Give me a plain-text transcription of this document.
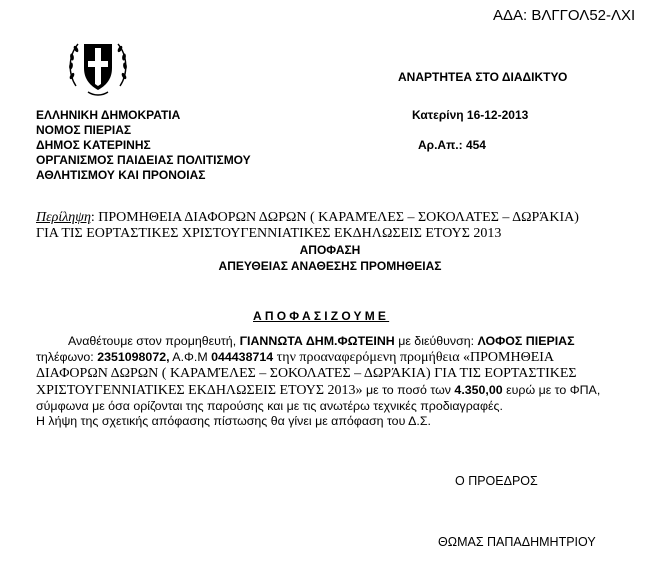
ΑΔΑ: ΒΛΓΓΟΛ52-ΛΧΙ
ΑΝΑΡΤΗΤΕΑ ΣΤΟ ΔΙΑΔΙΚΤΥΟ
ΕΛΛΗΝΙΚΗ ΔΗΜΟΚΡΑΤΙΑ
ΝΟΜΟΣ ΠΙΕΡΙΑΣ
ΔΗΜΟΣ ΚΑΤΕΡΙΝΗΣ
ΟΡΓΑΝΙΣΜΟΣ ΠΑΙΔΕΙΑΣ ΠΟΛΙΤΙΣΜΟΥ
ΑΘΛΗΤΙΣΜΟΥ ΚΑΙ ΠΡΟΝΟΙΑΣ
Κατερίνη 16-12-2013
Αρ.Απ.: 454
Περίληψη: ΠΡΟΜΗΘΕΙΑ ΔΙΑΦΟΡΩΝ ΔΩΡΩΝ ( ΚΑΡΑΜΈΛΕΣ – ΣΟΚΟΛΑΤΕΣ – ΔΩΡΆΚΙΑ)
ΓΙΑ ΤΙΣ ΕΟΡΤΑΣΤΙΚΕΣ ΧΡΙΣΤΟΥΓΕΝΝΙΑΤΙΚΕΣ ΕΚΔΗΛΩΣΕΙΣ ΕΤΟΥΣ 2013
ΑΠΟΦΑΣΗ
ΑΠΕΥΘΕΙΑΣ ΑΝΑΘΕΣΗΣ ΠΡΟΜΗΘΕΙΑΣ
ΑΠΟΦΑΣΙΖΟΥΜΕ
Αναθέτουμε στον προμηθευτή, ΓΙΑΝΝΩΤΑ ΔΗΜ.ΦΩΤΕΙΝΗ με διεύθυνση: ΛΟΦΟΣ ΠΙΕΡΙΑΣ
τηλέφωνο: 2351098072, Α.Φ.Μ 044438714 την προαναφερόμενη προμήθεια «ΠΡΟΜΗΘΕΙΑ
ΔΙΑΦΟΡΩΝ ΔΩΡΩΝ ( ΚΑΡΑΜΈΛΕΣ – ΣΟΚΟΛΑΤΕΣ – ΔΩΡΆΚΙΑ) ΓΙΑ ΤΙΣ ΕΟΡΤΑΣΤΙΚΕΣ
ΧΡΙΣΤΟΥΓΕΝΝΙΑΤΙΚΕΣ ΕΚΔΗΛΩΣΕΙΣ ΕΤΟΥΣ 2013» με το ποσό των 4.350,00 ευρώ με το ΦΠΑ,
σύμφωνα με όσα ορίζονται της παρούσης και με τις ανωτέρω τεχνικές προδιαγραφές.
Η λήψη της σχετικής απόφασης πίστωσης θα γίνει με απόφαση του Δ.Σ.
Ο ΠΡΟΕΔΡΟΣ
ΘΩΜΑΣ ΠΑΠΑΔΗΜΗΤΡΙΟΥ
